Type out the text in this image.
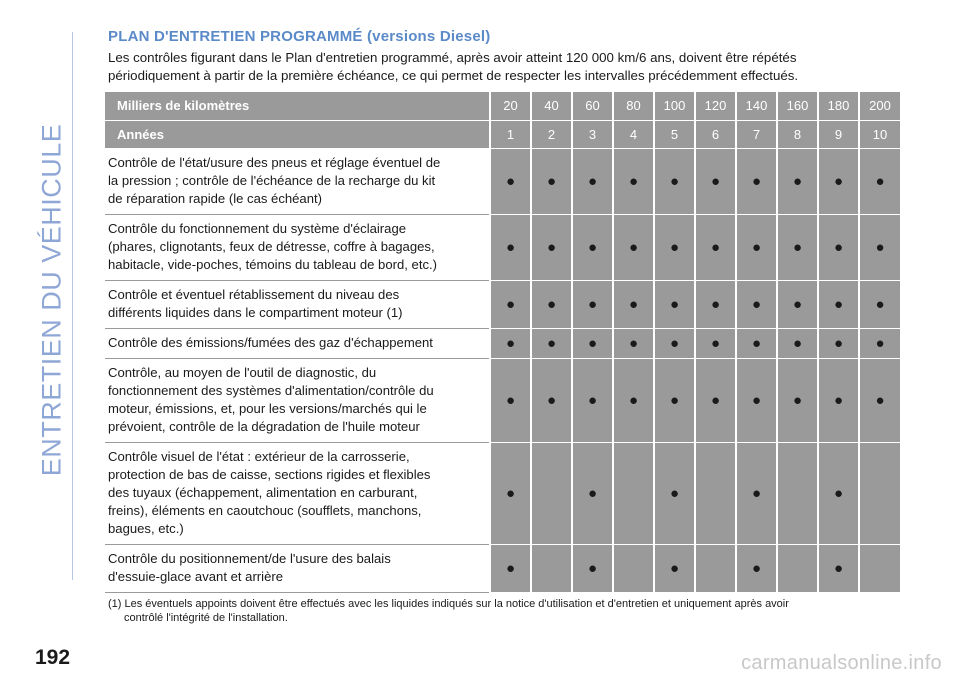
ENTRETIEN DU VÉHICULE
PLAN D'ENTRETIEN PROGRAMMÉ (versions Diesel)
Les contrôles figurant dans le Plan d'entretien programmé, après avoir atteint 120 000 km/6 ans, doivent être répétés
périodiquement à partir de la première échéance, ce qui permet de respecter les intervalles précédemment effectués.
Milliers de kilomètres	20	40	60	80	100	120	140	160	180	200
Années	1	2	3	4	5	6	7	8	9	10

Contrôle de l'état/usure des pneus et réglage éventuel de
la pression ; contrôle de l'échéance de la recharge du kit
de réparation rapide (le cas échéant)	●	●	●	●	●	●	●	●	●	●

Contrôle du fonctionnement du système d'éclairage
(phares, clignotants, feux de détresse, coffre à bagages,
habitacle, vide-poches, témoins du tableau de bord, etc.)	●	●	●	●	●	●	●	●	●	●

Contrôle et éventuel rétablissement du niveau des
différents liquides dans le compartiment moteur (1)	●	●	●	●	●	●	●	●	●	●

Contrôle des émissions/fumées des gaz d'échappement	●	●	●	●	●	●	●	●	●	●

Contrôle, au moyen de l'outil de diagnostic, du
fonctionnement des systèmes d'alimentation/contrôle du
moteur, émissions, et, pour les versions/marchés qui le
prévoient, contrôle de la dégradation de l'huile moteur	●	●	●	●	●	●	●	●	●	●

Contrôle visuel de l'état : extérieur de la carrosserie,
protection de bas de caisse, sections rigides et flexibles
des tuyaux (échappement, alimentation en carburant,
freins), éléments en caoutchouc (soufflets, manchons,
bagues, etc.)	●		●		●		●		●	

Contrôle du positionnement/de l'usure des balais
d'essuie-glace avant et arrière	●		●		●		●		●	
(1) Les éventuels appoints doivent être effectués avec les liquides indiqués sur la notice d'utilisation et d'entretien et uniquement après avoir
contrôlé l'intégrité de l'installation.
192	carmanualsonline.info
